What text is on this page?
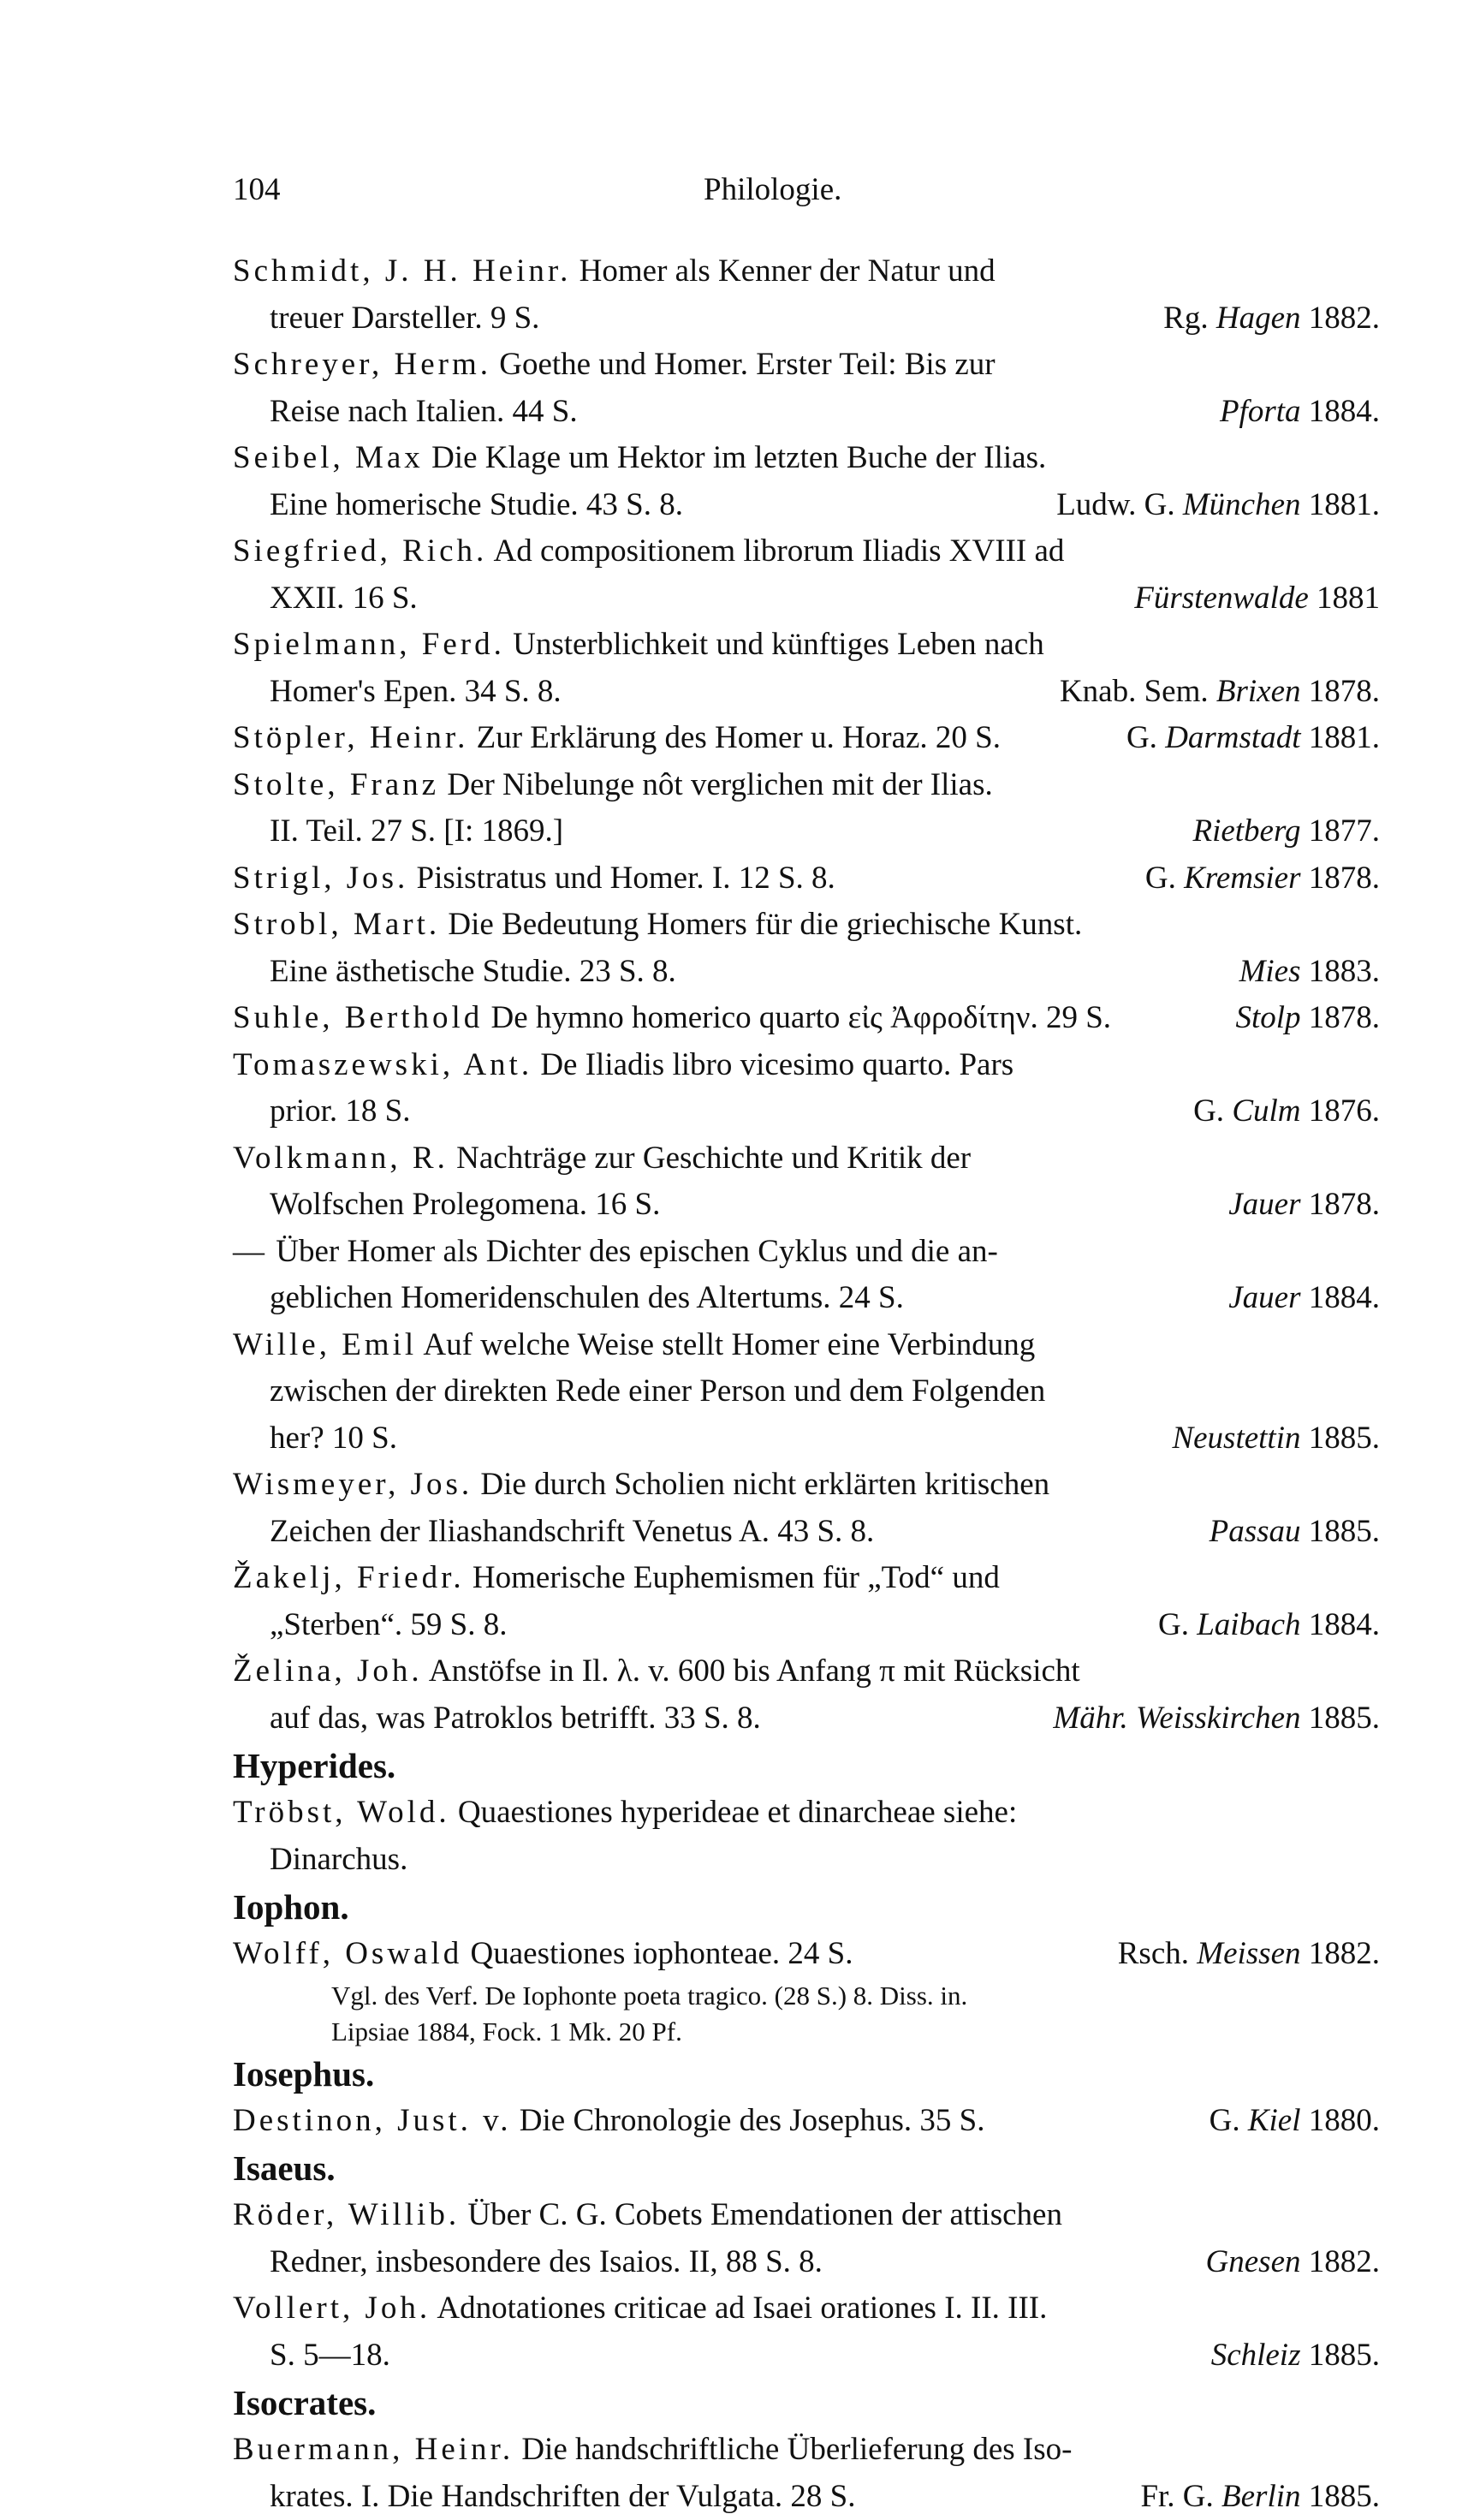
104	Philologie.
Schmidt, J. H. Heinr. Homer als Kenner der Natur und
treuer Darsteller. 9 S.	Rg. Hagen 1882.
Schreyer, Herm. Goethe und Homer. Erster Teil: Bis zur
Reise nach Italien. 44 S.	Pforta 1884.
Seibel, Max Die Klage um Hektor im letzten Buche der Ilias.
Eine homerische Studie. 43 S. 8.	Ludw. G. München 1881.
Siegfried, Rich. Ad compositionem librorum Iliadis XVIII ad
XXII. 16 S.	Fürstenwalde 1881
Spielmann, Ferd. Unsterblichkeit und künftiges Leben nach
Homer's Epen. 34 S. 8.	Knab. Sem. Brixen 1878.
Stöpler, Heinr. Zur Erklärung des Homer u. Horaz. 20 S.	G. Darmstadt 1881.
Stolte, Franz Der Nibelunge nôt verglichen mit der Ilias.
II. Teil. 27 S. [I: 1869.]	Rietberg 1877.
Strigl, Jos. Pisistratus und Homer. I. 12 S. 8.	G. Kremsier 1878.
Strobl, Mart. Die Bedeutung Homers für die griechische Kunst.
Eine ästhetische Studie. 23 S. 8.	Mies 1883.
Suhle, Berthold De hymno homerico quarto εἰς Ἀφροδίτην. 29 S.	Stolp 1878.
Tomaszewski, Ant. De Iliadis libro vicesimo quarto. Pars
prior. 18 S.	G. Culm 1876.
Volkmann, R. Nachträge zur Geschichte und Kritik der
Wolfschen Prolegomena. 16 S.	Jauer 1878.
— Über Homer als Dichter des epischen Cyklus und die an-
geblichen Homeridenschulen des Altertums. 24 S.	Jauer 1884.
Wille, Emil Auf welche Weise stellt Homer eine Verbindung
zwischen der direkten Rede einer Person und dem Folgenden
her? 10 S.	Neustettin 1885.
Wismeyer, Jos. Die durch Scholien nicht erklärten kritischen
Zeichen der Iliashandschrift Venetus A. 43 S. 8.	Passau 1885.
Žakelj, Friedr. Homerische Euphemismen für „Tod“ und
„Sterben“. 59 S. 8.	G. Laibach 1884.
Želina, Joh. Anstöfse in Il. λ. v. 600 bis Anfang π mit Rücksicht
auf das, was Patroklos betrifft. 33 S. 8.	Mähr. Weisskirchen 1885.
Hyperides.
Tröbst, Wold. Quaestiones hyperideae et dinarcheae siehe:
Dinarchus.
Iophon.
Wolff, Oswald Quaestiones iophonteae. 24 S.	Rsch. Meissen 1882.
Vgl. des Verf. De Iophonte poeta tragico. (28 S.) 8. Diss. in.
Lipsiae 1884, Fock. 1 Mk. 20 Pf.
Iosephus.
Destinon, Just. v. Die Chronologie des Josephus. 35 S.	G. Kiel 1880.
Isaeus.
Röder, Willib. Über C. G. Cobets Emendationen der attischen
Redner, insbesondere des Isaios. II, 88 S. 8.	Gnesen 1882.
Vollert, Joh. Adnotationes criticae ad Isaei orationes I. II. III.
S. 5—18.	Schleiz 1885.
Isocrates.
Buermann, Heinr. Die handschriftliche Überlieferung des Iso-
krates. I. Die Handschriften der Vulgata. 28 S.	Fr. G. Berlin 1885.
